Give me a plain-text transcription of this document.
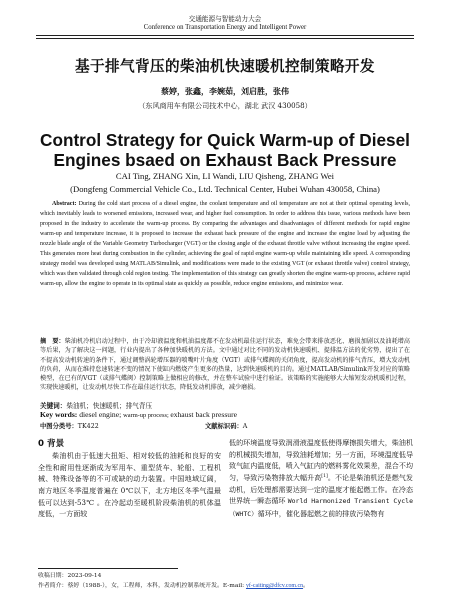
交通能源与智能动力大会
Conference on Transportation Energy and Intelligent Power
基于排气背压的柴油机快速暖机控制策略开发
蔡婷，张鑫，李婉茹，刘启胜，张伟
（东风商用车有限公司技术中心，湖北 武汉 430058）
Control Strategy for Quick Warm-up of Diesel Engines bsaed on Exhaust Back Pressure
CAI Ting, ZHANG Xin, LI Wandi, LIU Qisheng, ZHANG Wei
(Dongfeng Commercial Vehicle Co., Ltd. Technical Center, Hubei Wuhan 430058, China)

Abstract: During the cold start process of a diesel engine, the coolant temperature and oil temperature are not at their optimal operating levels, which inevitably leads to worsened emissions, increased wear, and higher fuel consumption. In order to address this issue, various methods have been proposed in the industry to accelerate the warm-up process. By comparing the advantages and disadvantages of different methods for rapid engine warm-up and temperature increase, it is proposed to increase the exhaust back pressure of the engine and increase the engine load by adjusting the nozzle blade angle of the Variable Geometry Turbocharger (VGT) or the closing angle of the exhaust throttle valve without increasing the engine speed. This generates more heat during combustion in the cylinder, achieving the goal of rapid engine warm-up while maintaining idle speed. A corresponding strategy model was developed using MATLAB/Simulink, and modifications were made to the existing VGT (or exhaust throttle valve) control strategy, which was then validated through cold region testing. The implementation of this strategy can greatly shorten the engine warm-up process, achieve rapid warm-up, allow the engine to operate in its optimal state as quickly as possible, reduce engine emissions, and minimize wear.

摘　要：柴油机冷机启动过程中，由于冷却液温度和机油温度都不在发动机最佳运行状态，难免会带来排放恶化、磨损加剧以及油耗增高等后果，为了解决这一问题，行业内提出了各种加快暖机的方法。文中通过对比不同的发动机快速暖机、提排温方法的优劣势，提出了在不提高发动机转速的条件下，通过调整涡轮增压器的喷嘴叶片角度（VGT）或排气蝶阀的关闭角度，提高发动机的排气背压，增大发动机的负荷，从而在维持怠速转速不变的情况下使缸内燃烧产生更多的热量，达到快速暖机的目的。通过MATLAB/Simulink开发对应的策略模型，在已有的VGT（或排气蝶阀）控制策略上做相应的修改，并在整车试验中进行验证。该策略的实施能够大大缩短发动机暖机过程，实现快速暖机，让发动机尽快工作在最佳运行状态，降低发动机排放，减少磨损。

关键词：柴油机；快速暖机；排气背压
Key words: diesel engine; warm-up process; exhaust back pressure
中图分类号：TK422	文献标识码：A
0 背景

柴油机由于低速大扭矩、相对较低的油耗和良好的安全性和耐用性逐渐成为军用车、重型货车、轮船、工程机械、特殊设备等的不可或缺的动力装置。中国地域辽阔，南方地区冬季温度普遍在 0℃以下，北方地区冬季气温最低可以达到-53℃ 。在冷起动至暖机阶段柴油机的机体温度低，一方面较

低的环境温度导致润滑液温度低使得摩擦损失增大，柴油机的机械损失增加，导致油耗增加；另一方面，环境温度低导致气缸内温度低，喷入气缸内的燃料雾化效果差，混合不均匀，导致污染物排放大幅升高[1]。不论是柴油机还是燃气发动机，后处理都需要达到一定的温度才能起燃工作。在冷态世界统一瞬态循环 World Harmonized Transient Cycle（WHTC）循环中，催化器起燃之前的排放污染物有

收稿日期：2023-09-14
作者简介：蔡婷（1988-），女，工程师，本科，发动机控制系统开发。E-mail: yf-caiting@dfcv.com.cn。
